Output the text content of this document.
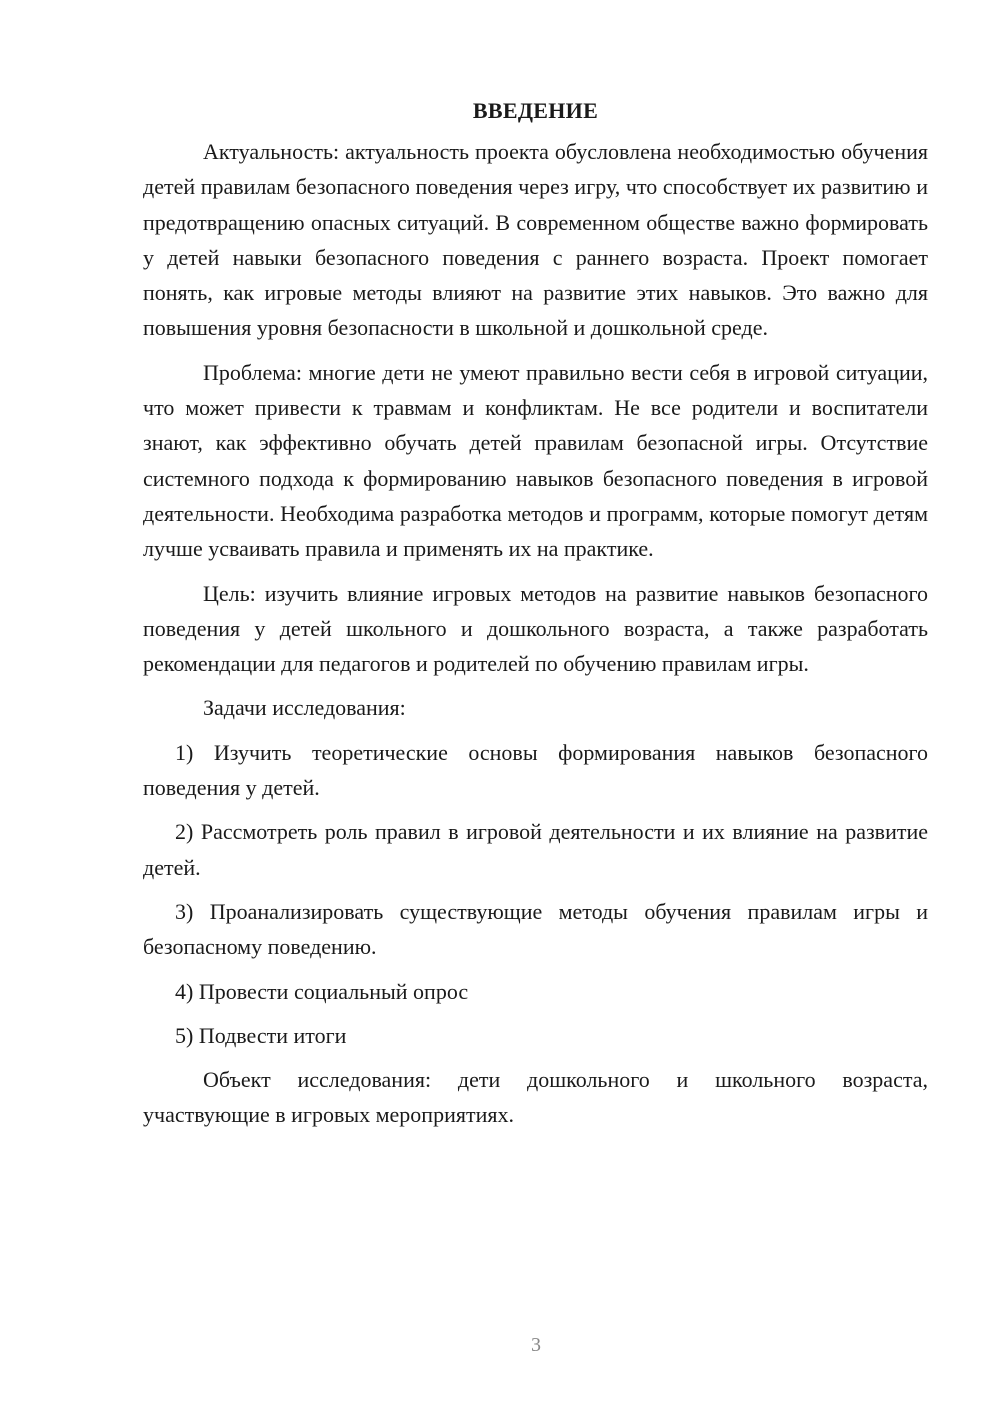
ВВЕДЕНИЕ

Актуальность: актуальность проекта обусловлена необходимостью обучения детей правилам безопасного поведения через игру, что способствует их развитию и предотвращению опасных ситуаций. В современном обществе важно формировать у детей навыки безопасного поведения с раннего возраста. Проект помогает понять, как игровые методы влияют на развитие этих навыков. Это важно для повышения уровня безопасности в школьной и дошкольной среде.

Проблема: многие дети не умеют правильно вести себя в игровой ситуации, что может привести к травмам и конфликтам. Не все родители и воспитатели знают, как эффективно обучать детей правилам безопасной игры. Отсутствие системного подхода к формированию навыков безопасного поведения в игровой деятельности. Необходима разработка методов и программ, которые помогут детям лучше усваивать правила и применять их на практике.

Цель: изучить влияние игровых методов на развитие навыков безопасного поведения у детей школьного и дошкольного возраста, а также разработать рекомендации для педагогов и родителей по обучению правилам игры.

Задачи исследования:

1) Изучить теоретические основы формирования навыков безопасного поведения у детей.

2) Рассмотреть роль правил в игровой деятельности и их влияние на развитие детей.

3) Проанализировать существующие методы обучения правилам игры и безопасному поведению.

4) Провести социальный опрос

5) Подвести итоги

Объект исследования: дети дошкольного и школьного возраста, участвующие в игровых мероприятиях.

3
